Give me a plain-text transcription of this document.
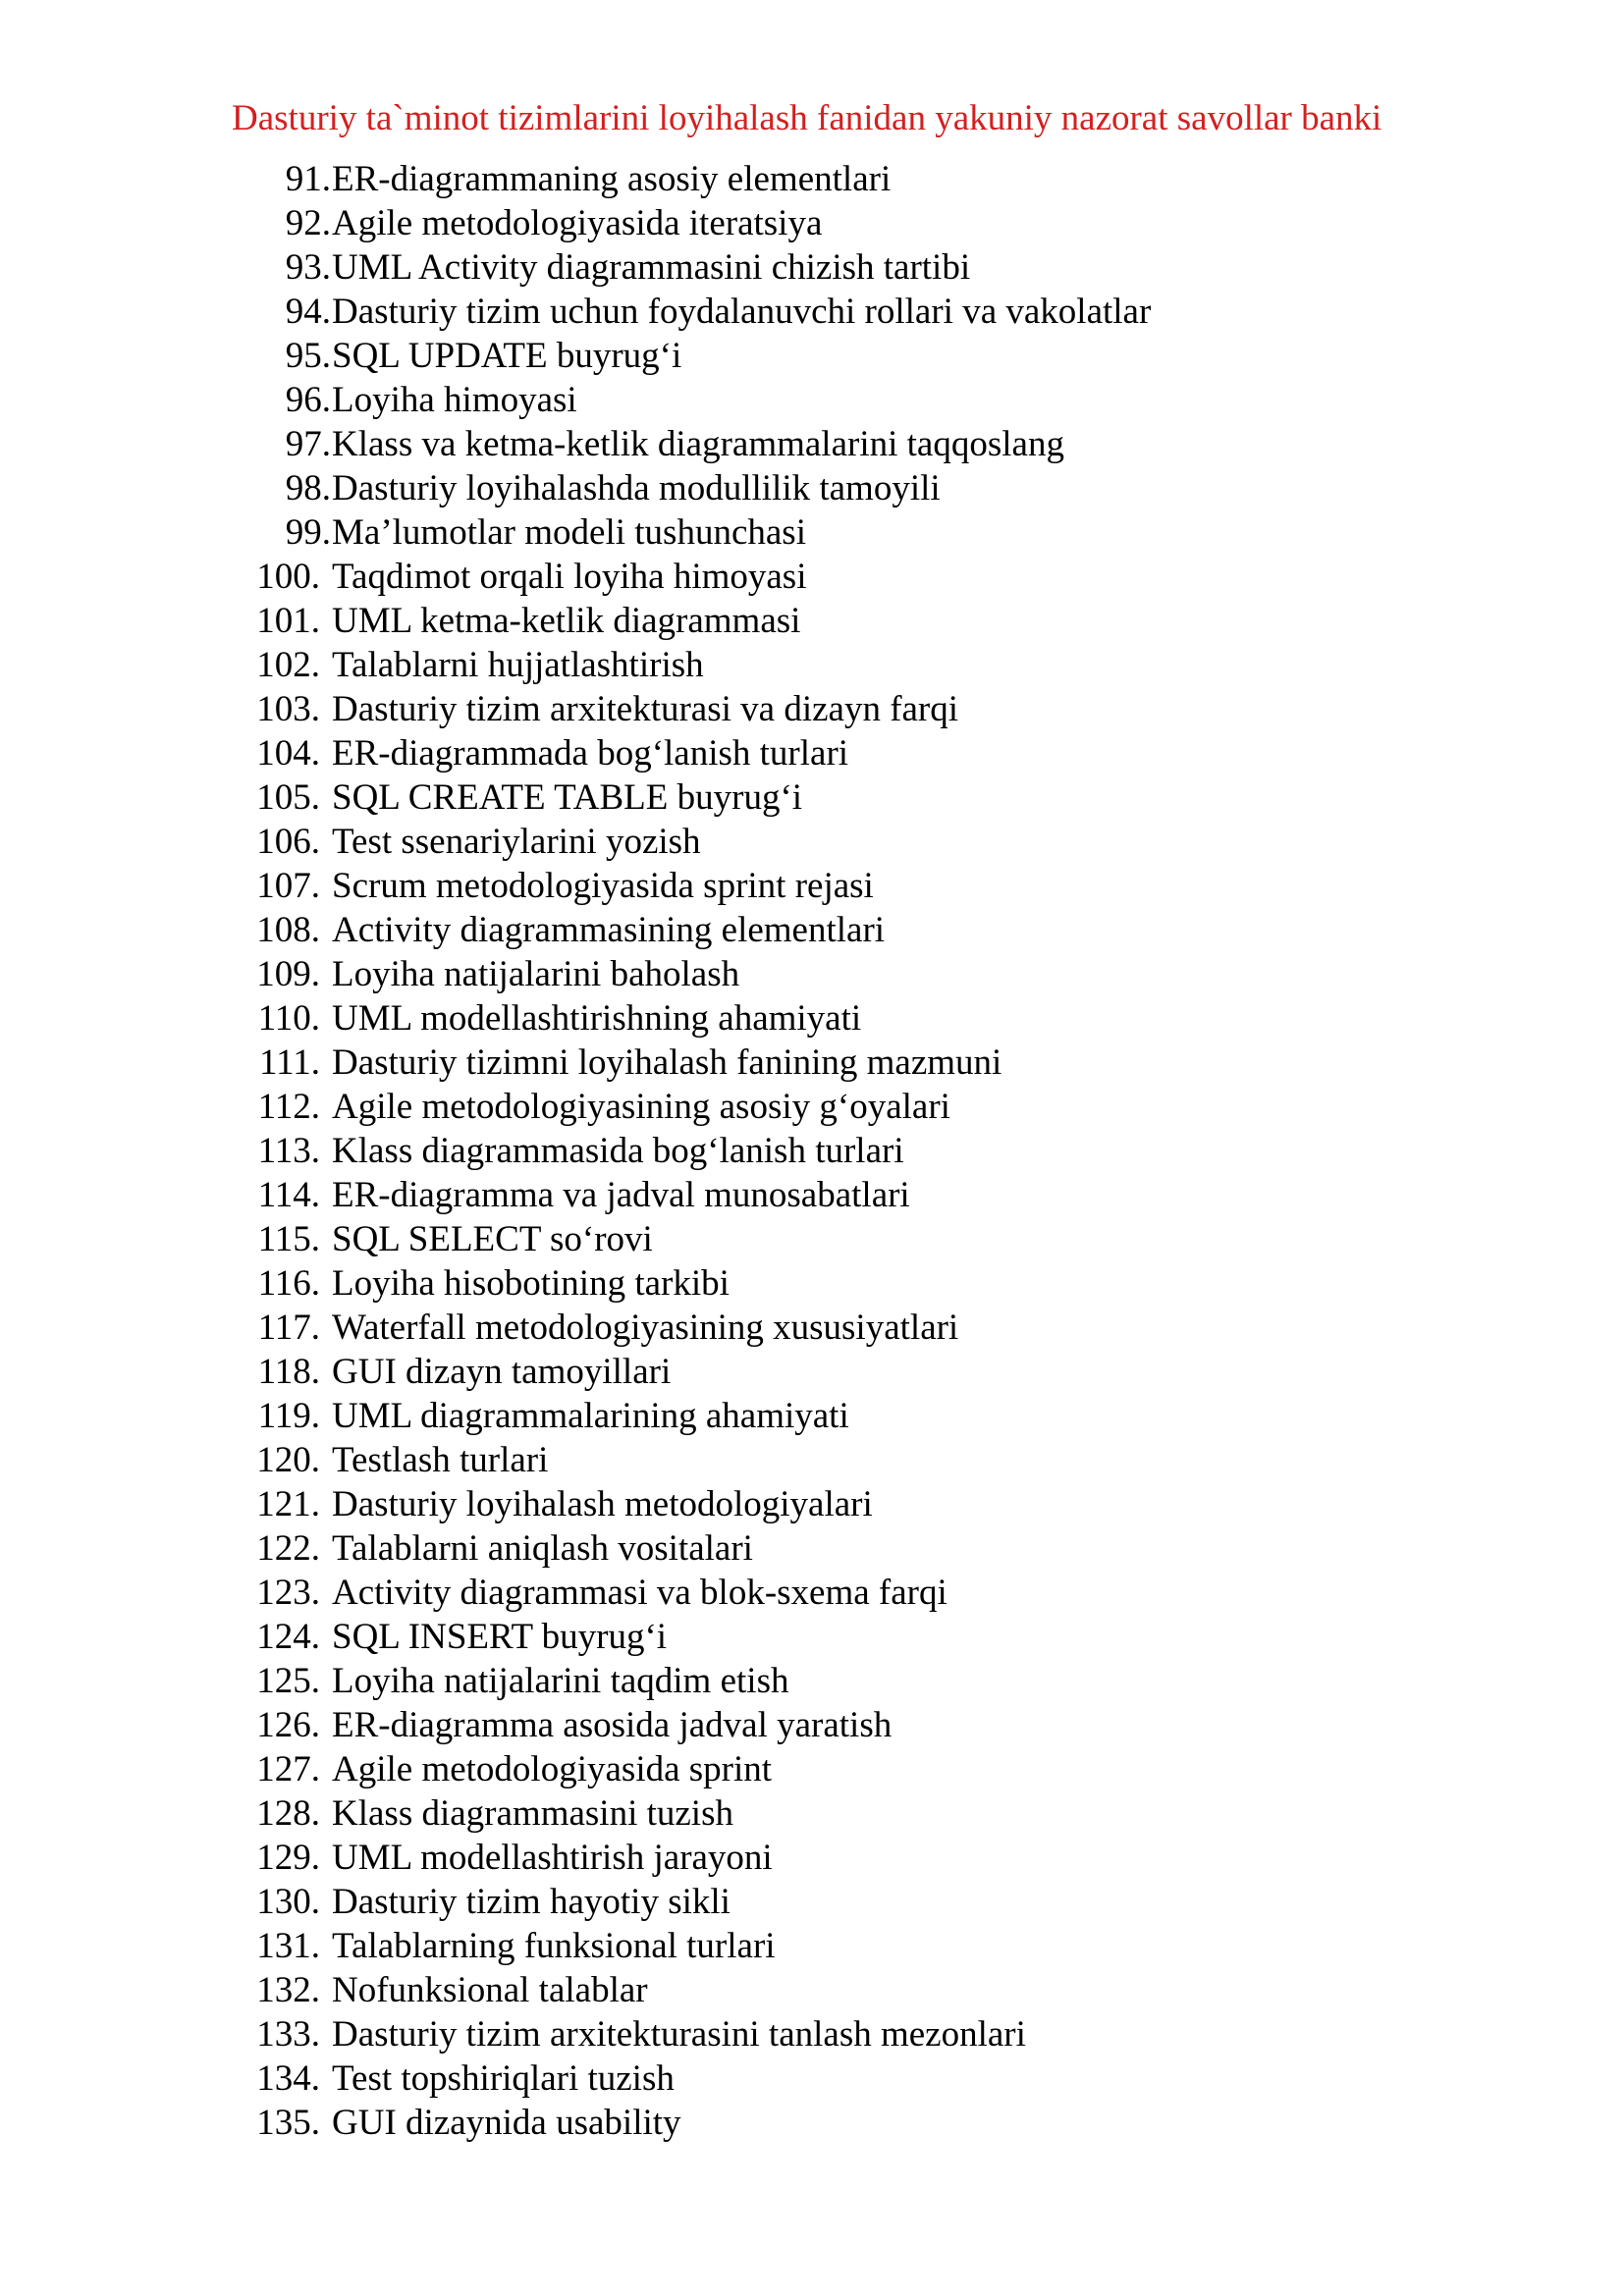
Dasturiy ta`minot tizimlarini loyihalash fanidan yakuniy nazorat savollar banki
91. ER-diagrammaning asosiy elementlari
92. Agile metodologiyasida iteratsiya
93. UML Activity diagrammasini chizish tartibi
94. Dasturiy tizim uchun foydalanuvchi rollari va vakolatlar
95. SQL UPDATE buyrug‘i
96. Loyiha himoyasi
97. Klass va ketma-ketlik diagrammalarini taqqoslang
98. Dasturiy loyihalashda modullilik tamoyili
99. Ma’lumotlar modeli tushunchasi
100. Taqdimot orqali loyiha himoyasi
101. UML ketma-ketlik diagrammasi
102. Talablarni hujjatlashtirish
103. Dasturiy tizim arxitekturasi va dizayn farqi
104. ER-diagrammada bog‘lanish turlari
105. SQL CREATE TABLE buyrug‘i
106. Test ssenariylarini yozish
107. Scrum metodologiyasida sprint rejasi
108. Activity diagrammasining elementlari
109. Loyiha natijalarini baholash
110. UML modellashtirishning ahamiyati
111. Dasturiy tizimni loyihalash fanining mazmuni
112. Agile metodologiyasining asosiy g‘oyalari
113. Klass diagrammasida bog‘lanish turlari
114. ER-diagramma va jadval munosabatlari
115. SQL SELECT so‘rovi
116. Loyiha hisobotining tarkibi
117. Waterfall metodologiyasining xususiyatlari
118. GUI dizayn tamoyillari
119. UML diagrammalarining ahamiyati
120. Testlash turlari
121. Dasturiy loyihalash metodologiyalari
122. Talablarni aniqlash vositalari
123. Activity diagrammasi va blok-sxema farqi
124. SQL INSERT buyrug‘i
125. Loyiha natijalarini taqdim etish
126. ER-diagramma asosida jadval yaratish
127. Agile metodologiyasida sprint
128. Klass diagrammasini tuzish
129. UML modellashtirish jarayoni
130. Dasturiy tizim hayotiy sikli
131. Talablarning funksional turlari
132. Nofunksional talablar
133. Dasturiy tizim arxitekturasini tanlash mezonlari
134. Test topshiriqlari tuzish
135. GUI dizaynida usability
